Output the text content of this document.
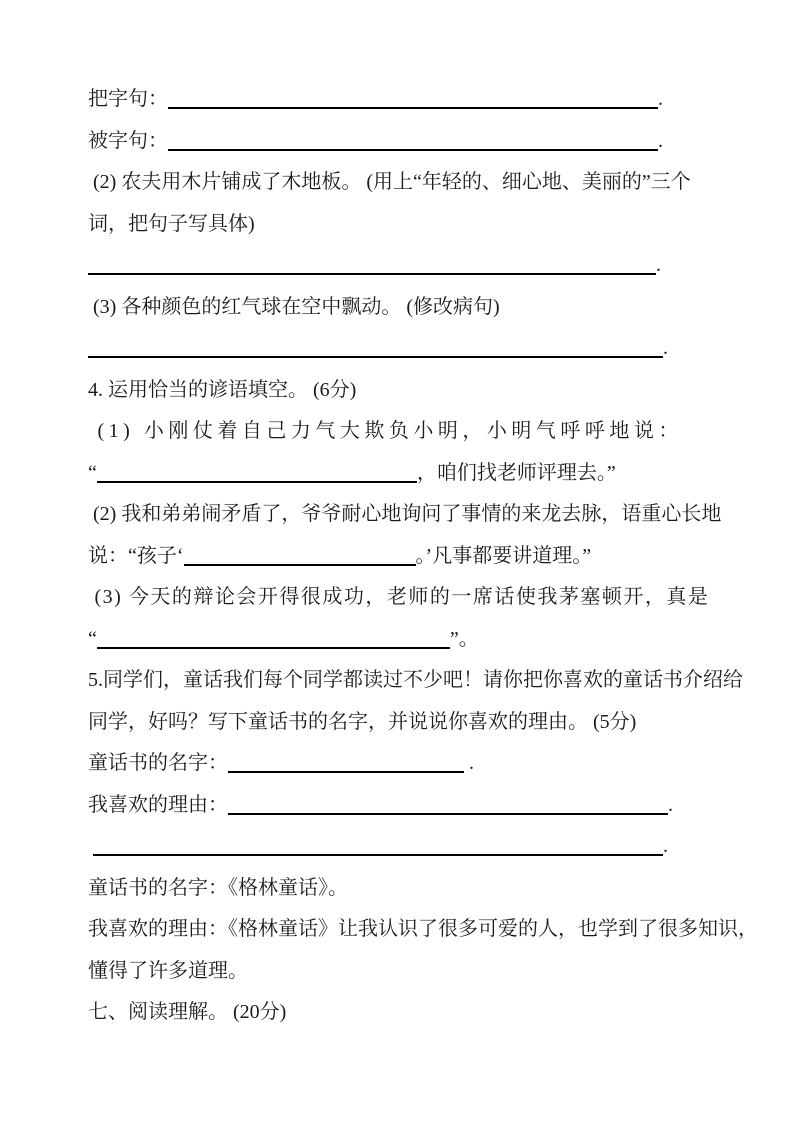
把字句：	.
被字句：	.
(2) 农夫用木片铺成了木地板。 (用上“年轻的、细心地、美丽的”三个
词，把句子写具体)
.
(3) 各种颜色的红气球在空中飘动。 (修改病句)
.
4. 运用恰当的谚语填空。 (6分)
(1) 小刚仗着自己力气大欺负小明，小明气呼呼地说：
“	，咱们找老师评理去。”
(2) 我和弟弟闹矛盾了，爷爷耐心地询问了事情的来龙去脉，语重心长地
说：“孩子‘	。’凡事都要讲道理。”
(3) 今天的辩论会开得很成功，老师的一席话使我茅塞顿开，真是
“	”。
5.同学们，童话我们每个同学都读过不少吧！请你把你喜欢的童话书介绍给
同学，好吗？写下童话书的名字，并说说你喜欢的理由。 (5分)
童话书的名字：	.
我喜欢的理由：	.
.
童话书的名字：《格林童话》。
我喜欢的理由：《格林童话》让我认识了很多可爱的人，也学到了很多知识，
懂得了许多道理。
七、阅读理解。 (20分)
